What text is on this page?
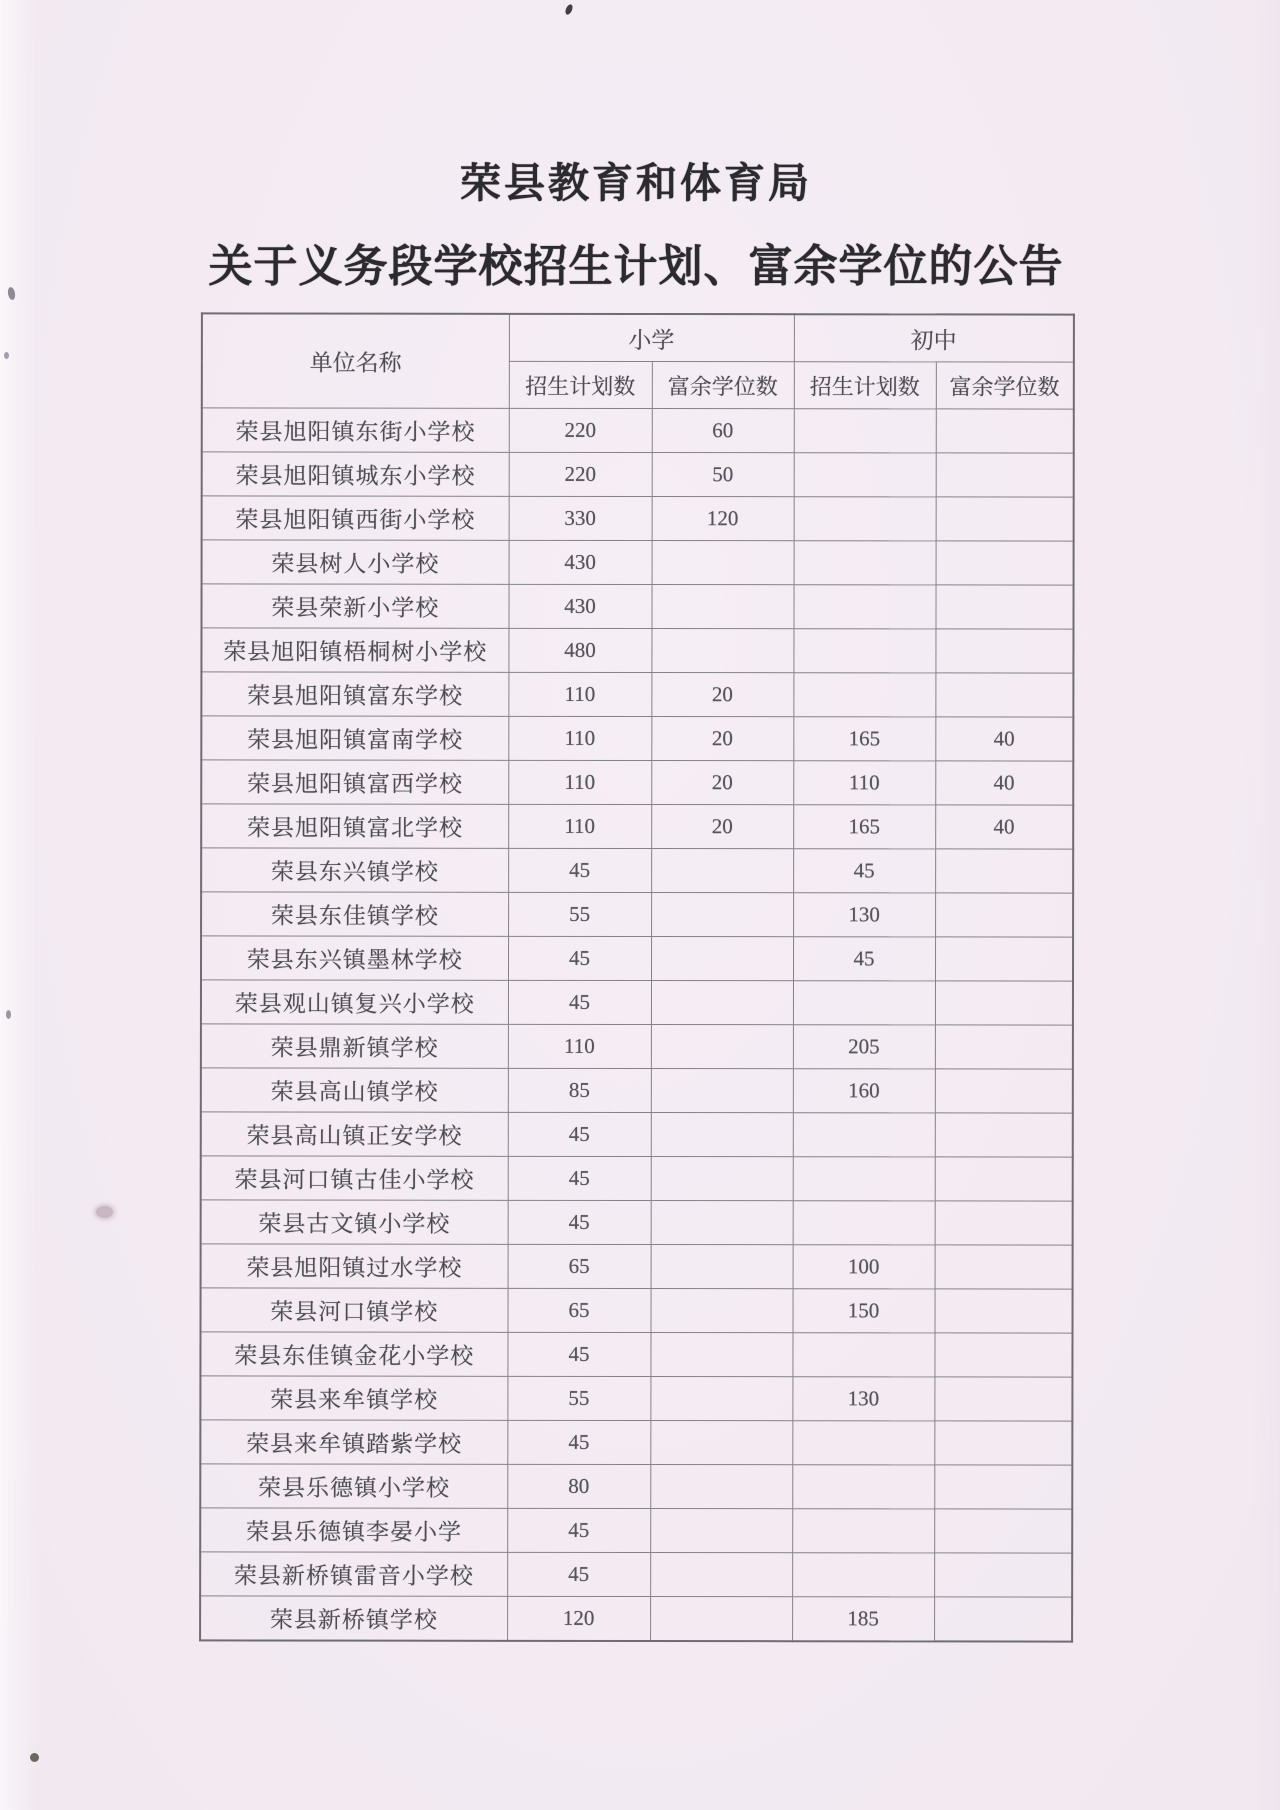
荣县教育和体育局
关于义务段学校招生计划、富余学位的公告
单位名称	小学		初中	
	招生计划数	富余学位数	招生计划数	富余学位数
荣县旭阳镇东街小学校	220	60		
荣县旭阳镇城东小学校	220	50		
荣县旭阳镇西街小学校	330	120		
荣县树人小学校	430			
荣县荣新小学校	430			
荣县旭阳镇梧桐树小学校	480			
荣县旭阳镇富东学校	110	20		
荣县旭阳镇富南学校	110	20	165	40
荣县旭阳镇富西学校	110	20	110	40
荣县旭阳镇富北学校	110	20	165	40
荣县东兴镇学校	45		45	
荣县东佳镇学校	55		130	
荣县东兴镇墨林学校	45		45	
荣县观山镇复兴小学校	45			
荣县鼎新镇学校	110		205	
荣县高山镇学校	85		160	
荣县高山镇正安学校	45			
荣县河口镇古佳小学校	45			
荣县古文镇小学校	45			
荣县旭阳镇过水学校	65		100	
荣县河口镇学校	65		150	
荣县东佳镇金花小学校	45			
荣县来牟镇学校	55		130	
荣县来牟镇踏紫学校	45			
荣县乐德镇小学校	80			
荣县乐德镇李晏小学	45			
荣县新桥镇雷音小学校	45			
荣县新桥镇学校	120		185	
